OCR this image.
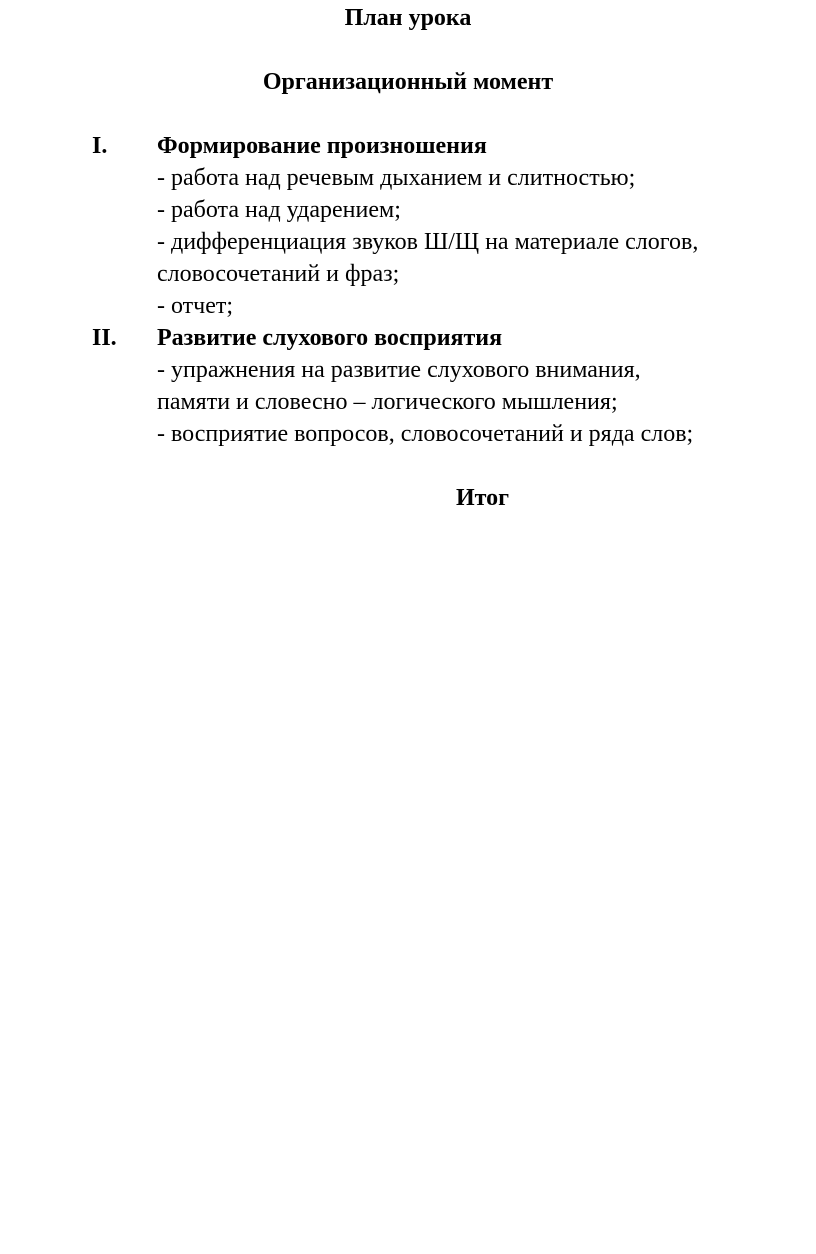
План урока
Организационный момент
I. Формирование произношения
- работа над речевым дыханием и слитностью;
- работа над ударением;
- дифференциация звуков Ш/Щ на материале слогов,
словосочетаний и фраз;
- отчет;
II. Развитие слухового восприятия
- упражнения на развитие слухового внимания,
памяти и словесно – логического мышления;
- восприятие вопросов, словосочетаний и ряда слов;
Итог
